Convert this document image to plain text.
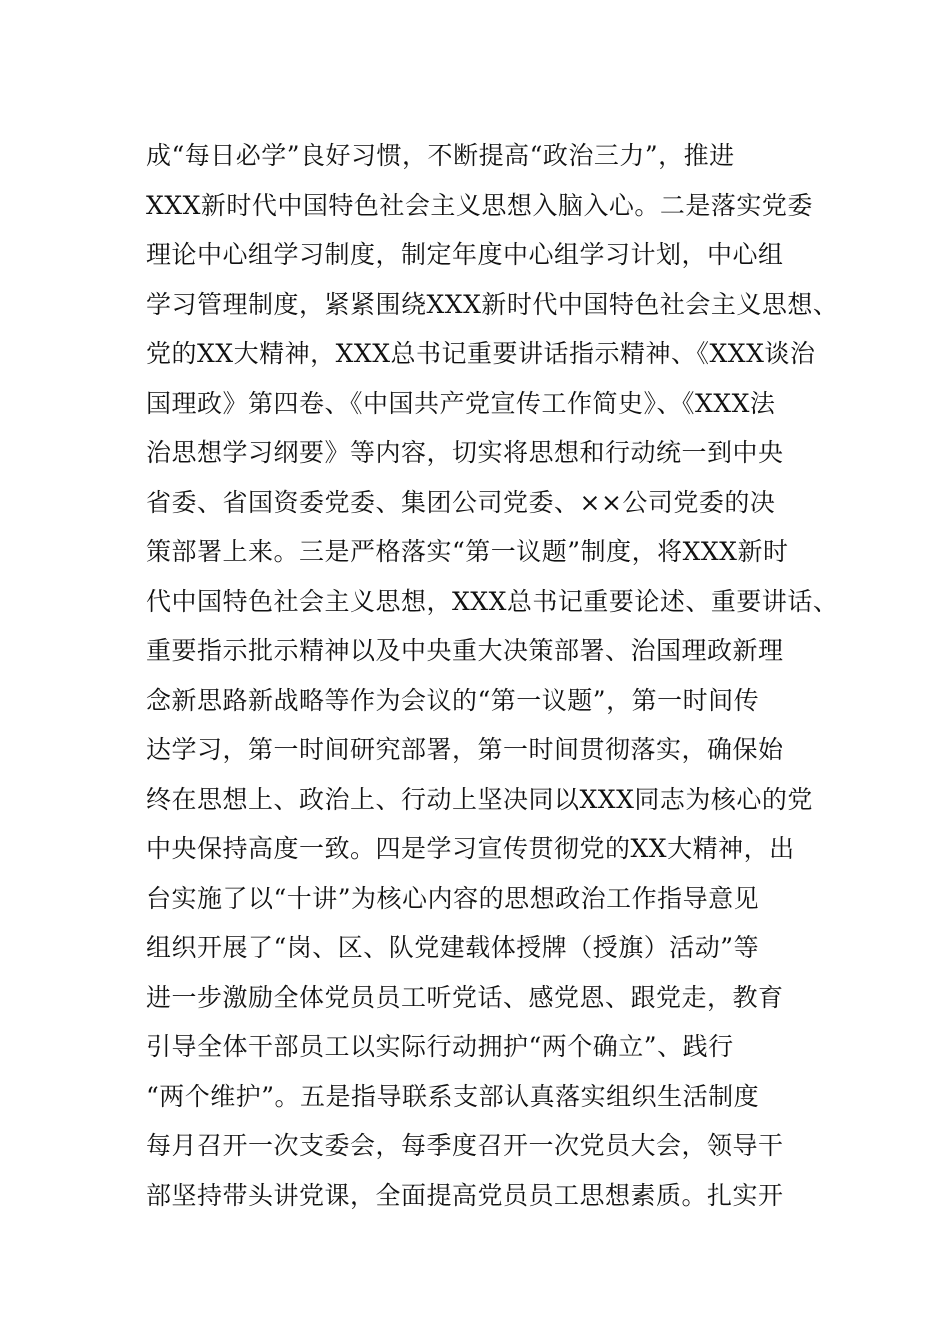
成“每日必学”良好习惯，不断提高“政治三力”，推进
XXX新时代中国特色社会主义思想入脑入心。二是落实党委
理论中心组学习制度，制定年度中心组学习计划，中心组
学习管理制度，紧紧围绕XXX新时代中国特色社会主义思想、
党的XX大精神，XXX总书记重要讲话指示精神、《XXX谈治
国理政》第四卷、《中国共产党宣传工作简史》、《XXX法
治思想学习纲要》等内容，切实将思想和行动统一到中央
省委、省国资委党委、集团公司党委、××公司党委的决
策部署上来。三是严格落实“第一议题”制度，将XXX新时
代中国特色社会主义思想，XXX总书记重要论述、重要讲话、
重要指示批示精神以及中央重大决策部署、治国理政新理
念新思路新战略等作为会议的“第一议题”，第一时间传
达学习，第一时间研究部署，第一时间贯彻落实，确保始
终在思想上、政治上、行动上坚决同以XXX同志为核心的党
中央保持高度一致。四是学习宣传贯彻党的XX大精神，出
台实施了以“十讲”为核心内容的思想政治工作指导意见
组织开展了“岗、区、队党建载体授牌（授旗）活动”等
进一步激励全体党员员工听党话、感党恩、跟党走，教育
引导全体干部员工以实际行动拥护“两个确立”、践行
“两个维护”。五是指导联系支部认真落实组织生活制度
每月召开一次支委会，每季度召开一次党员大会，领导干
部坚持带头讲党课，全面提高党员员工思想素质。扎实开
